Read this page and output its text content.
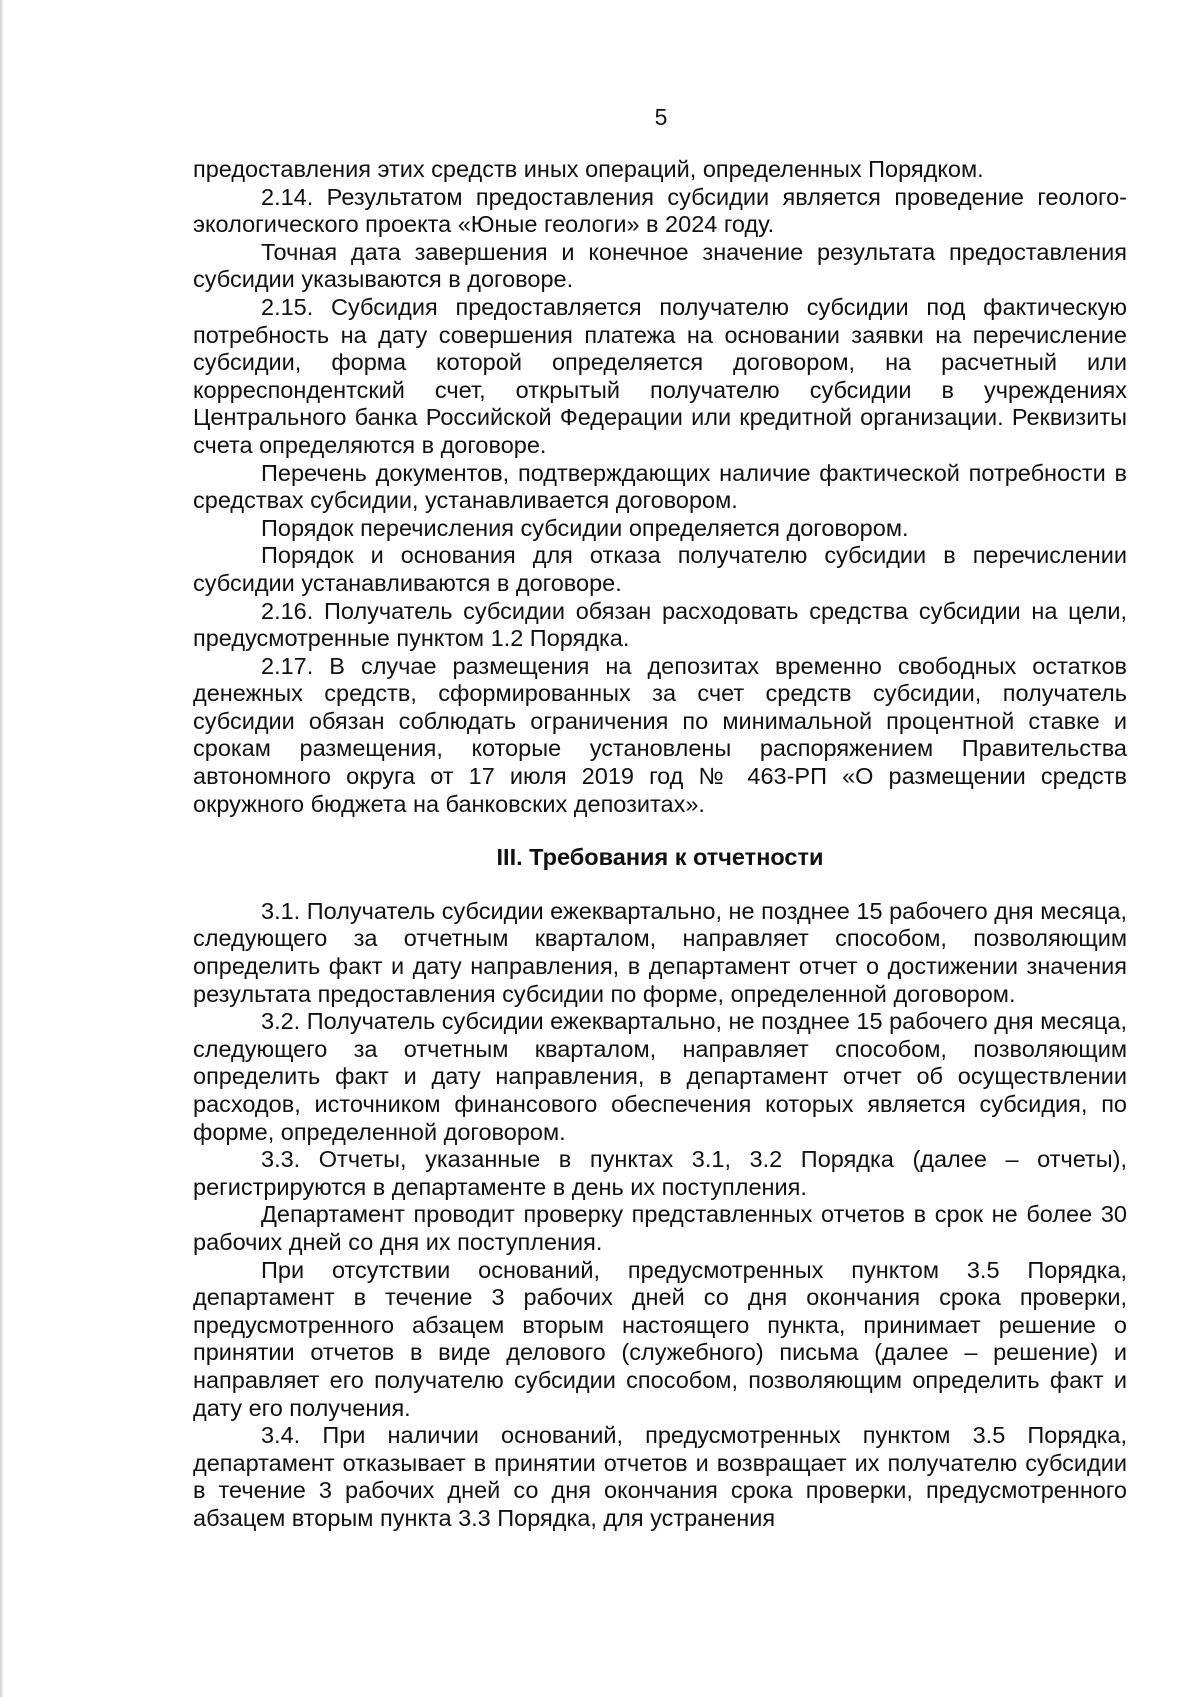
5

предоставления этих средств иных операций, определенных Порядком.

2.14. Результатом предоставления субсидии является проведение геолого-экологического проекта «Юные геологи» в 2024 году.

Точная дата завершения и конечное значение результата предоставления субсидии указываются в договоре.

2.15. Субсидия предоставляется получателю субсидии под фактическую потребность на дату совершения платежа на основании заявки на перечисление субсидии, форма которой определяется договором, на расчетный или корреспондентский счет, открытый получателю субсидии в учреждениях Центрального банка Российской Федерации или кредитной организации. Реквизиты счета определяются в договоре.

Перечень документов, подтверждающих наличие фактической потребности в средствах субсидии, устанавливается договором.

Порядок перечисления субсидии определяется договором.

Порядок и основания для отказа получателю субсидии в перечислении субсидии устанавливаются в договоре.

2.16. Получатель субсидии обязан расходовать средства субсидии на цели, предусмотренные пунктом 1.2 Порядка.

2.17. В случае размещения на депозитах временно свободных остатков денежных средств, сформированных за счет средств субсидии, получатель субсидии обязан соблюдать ограничения по минимальной процентной ставке и срокам размещения, которые установлены распоряжением Правительства автономного округа от 17 июля 2019 год № 463-РП «О размещении средств окружного бюджета на банковских депозитах».

III. Требования к отчетности

3.1. Получатель субсидии ежеквартально, не позднее 15 рабочего дня месяца, следующего за отчетным кварталом, направляет способом, позволяющим определить факт и дату направления, в департамент отчет о достижении значения результата предоставления субсидии по форме, определенной договором.

3.2. Получатель субсидии ежеквартально, не позднее 15 рабочего дня месяца, следующего за отчетным кварталом, направляет способом, позволяющим определить факт и дату направления, в департамент отчет об осуществлении расходов, источником финансового обеспечения которых является субсидия, по форме, определенной договором.

3.3. Отчеты, указанные в пунктах 3.1, 3.2 Порядка (далее – отчеты), регистрируются в департаменте в день их поступления.

Департамент проводит проверку представленных отчетов в срок не более 30 рабочих дней со дня их поступления.

При отсутствии оснований, предусмотренных пунктом 3.5 Порядка, департамент в течение 3 рабочих дней со дня окончания срока проверки, предусмотренного абзацем вторым настоящего пункта, принимает решение о принятии отчетов в виде делового (служебного) письма (далее – решение) и направляет его получателю субсидии способом, позволяющим определить факт и дату его получения.

3.4. При наличии оснований, предусмотренных пунктом 3.5 Порядка, департамент отказывает в принятии отчетов и возвращает их получателю субсидии в течение 3 рабочих дней со дня окончания срока проверки, предусмотренного абзацем вторым пункта 3.3 Порядка, для устранения
